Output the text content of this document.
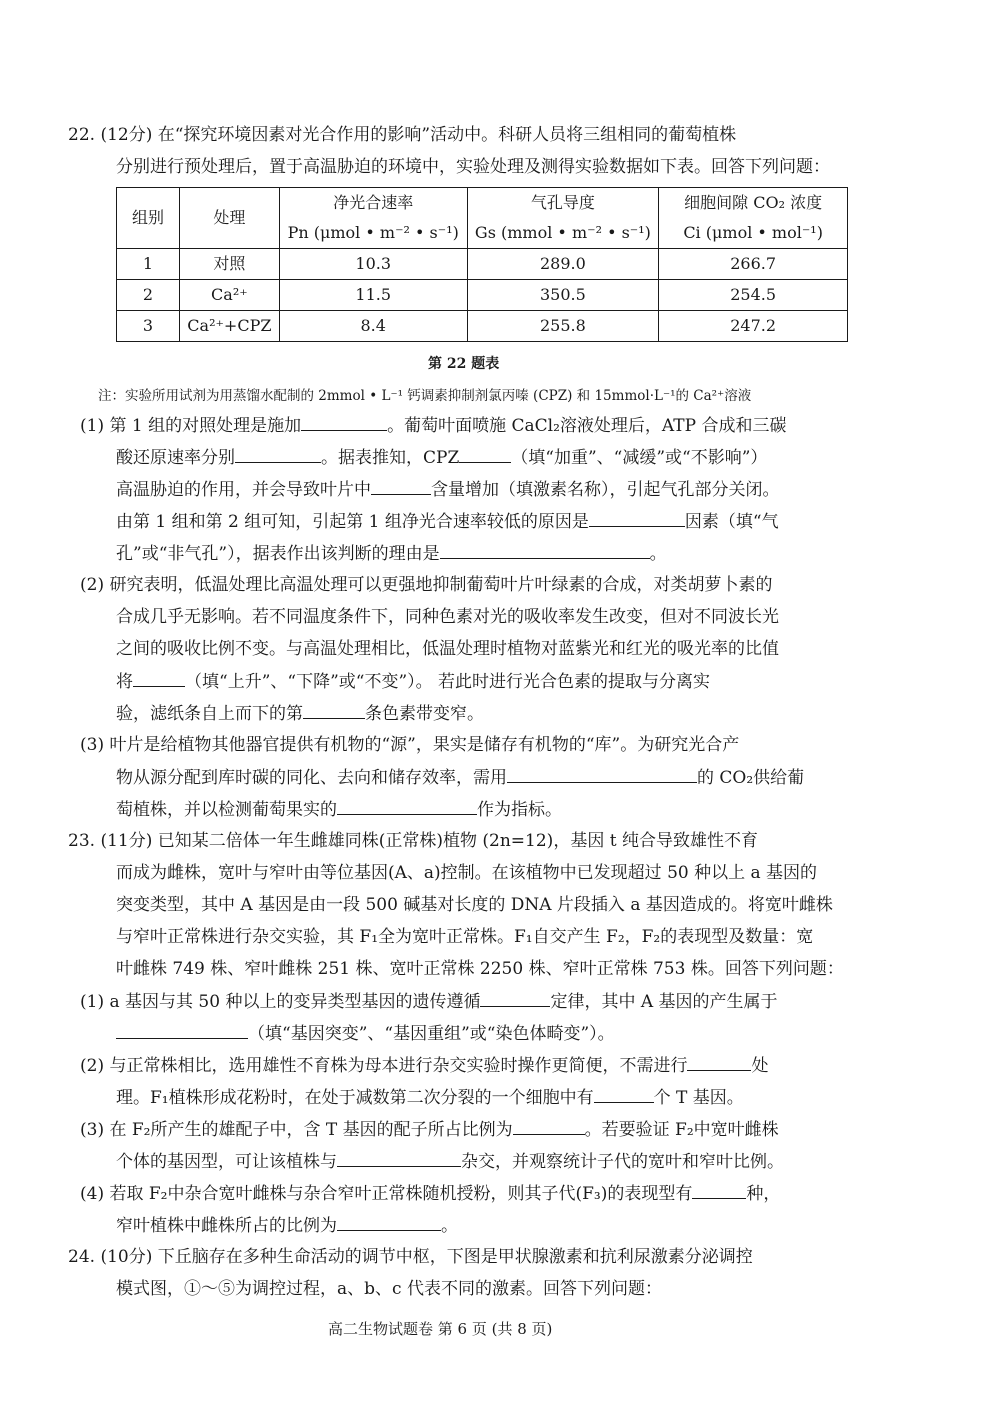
22. (12分) 在“探究环境因素对光合作用的影响”活动中。科研人员将三组相同的葡萄植株
分别进行预处理后，置于高温胁迫的环境中，实验处理及测得实验数据如下表。回答下列问题：
组别	处理	净光合速率	气孔导度	细胞间隙 CO₂ 浓度
		Pn (μmol • m⁻² • s⁻¹)	Gs (mmol • m⁻² • s⁻¹)	Ci (μmol • mol⁻¹)
1	对照	10.3	289.0	266.7
2	Ca²⁺	11.5	350.5	254.5
3	Ca²⁺+CPZ	8.4	255.8	247.2
第 22 题表
注：实验所用试剂为用蒸馏水配制的 2mmol • L⁻¹ 钙调素抑制剂氯丙嗪 (CPZ) 和 15mmol·L⁻¹的 Ca²⁺溶液
(1) 第 1 组的对照处理是施加	。葡萄叶面喷施 CaCl₂溶液处理后，ATP 合成和三碳
酸还原速率分别	。据表推知，CPZ	（填“加重”、“减缓”或“不影响”）
高温胁迫的作用，并会导致叶片中	含量增加（填激素名称），引起气孔部分关闭。
由第 1 组和第 2 组可知，引起第 1 组净光合速率较低的原因是	因素（填“气
孔”或“非气孔”），据表作出该判断的理由是	。
(2) 研究表明，低温处理比高温处理可以更强地抑制葡萄叶片叶绿素的合成，对类胡萝卜素的
合成几乎无影响。若不同温度条件下，同种色素对光的吸收率发生改变，但对不同波长光
之间的吸收比例不变。与高温处理相比，低温处理时植物对蓝紫光和红光的吸光率的比值
将	（填“上升”、“下降”或“不变”）。 若此时进行光合色素的提取与分离实
验，滤纸条自上而下的第	条色素带变窄。
(3) 叶片是给植物其他器官提供有机物的“源”，果实是储存有机物的“库”。为研究光合产
物从源分配到库时碳的同化、去向和储存效率，需用	的 CO₂供给葡
萄植株，并以检测葡萄果实的	作为指标。
23. (11分) 已知某二倍体一年生雌雄同株(正常株)植物 (2n=12)，基因 t 纯合导致雄性不育
而成为雌株，宽叶与窄叶由等位基因(A、a)控制。在该植物中已发现超过 50 种以上 a 基因的
突变类型，其中 A 基因是由一段 500 碱基对长度的 DNA 片段插入 a 基因造成的。将宽叶雌株
与窄叶正常株进行杂交实验，其 F₁全为宽叶正常株。F₁自交产生 F₂，F₂的表现型及数量：宽
叶雌株 749 株、窄叶雌株 251 株、宽叶正常株 2250 株、窄叶正常株 753 株。回答下列问题：
(1) a 基因与其 50 种以上的变异类型基因的遗传遵循	定律，其中 A 基因的产生属于
（填“基因突变”、“基因重组”或“染色体畸变”）。
(2) 与正常株相比，选用雄性不育株为母本进行杂交实验时操作更简便，不需进行	处
理。F₁植株形成花粉时，在处于减数第二次分裂的一个细胞中有	个 T 基因。
(3) 在 F₂所产生的雄配子中，含 T 基因的配子所占比例为	。若要验证 F₂中宽叶雌株
个体的基因型，可让该植株与	杂交，并观察统计子代的宽叶和窄叶比例。
(4) 若取 F₂中杂合宽叶雌株与杂合窄叶正常株随机授粉，则其子代(F₃)的表现型有	种，
窄叶植株中雌株所占的比例为	。
24. (10分) 下丘脑存在多种生命活动的调节中枢，下图是甲状腺激素和抗利尿激素分泌调控
模式图，①～⑤为调控过程，a、b、c 代表不同的激素。回答下列问题：
高二生物试题卷 第 6 页 (共 8 页)
